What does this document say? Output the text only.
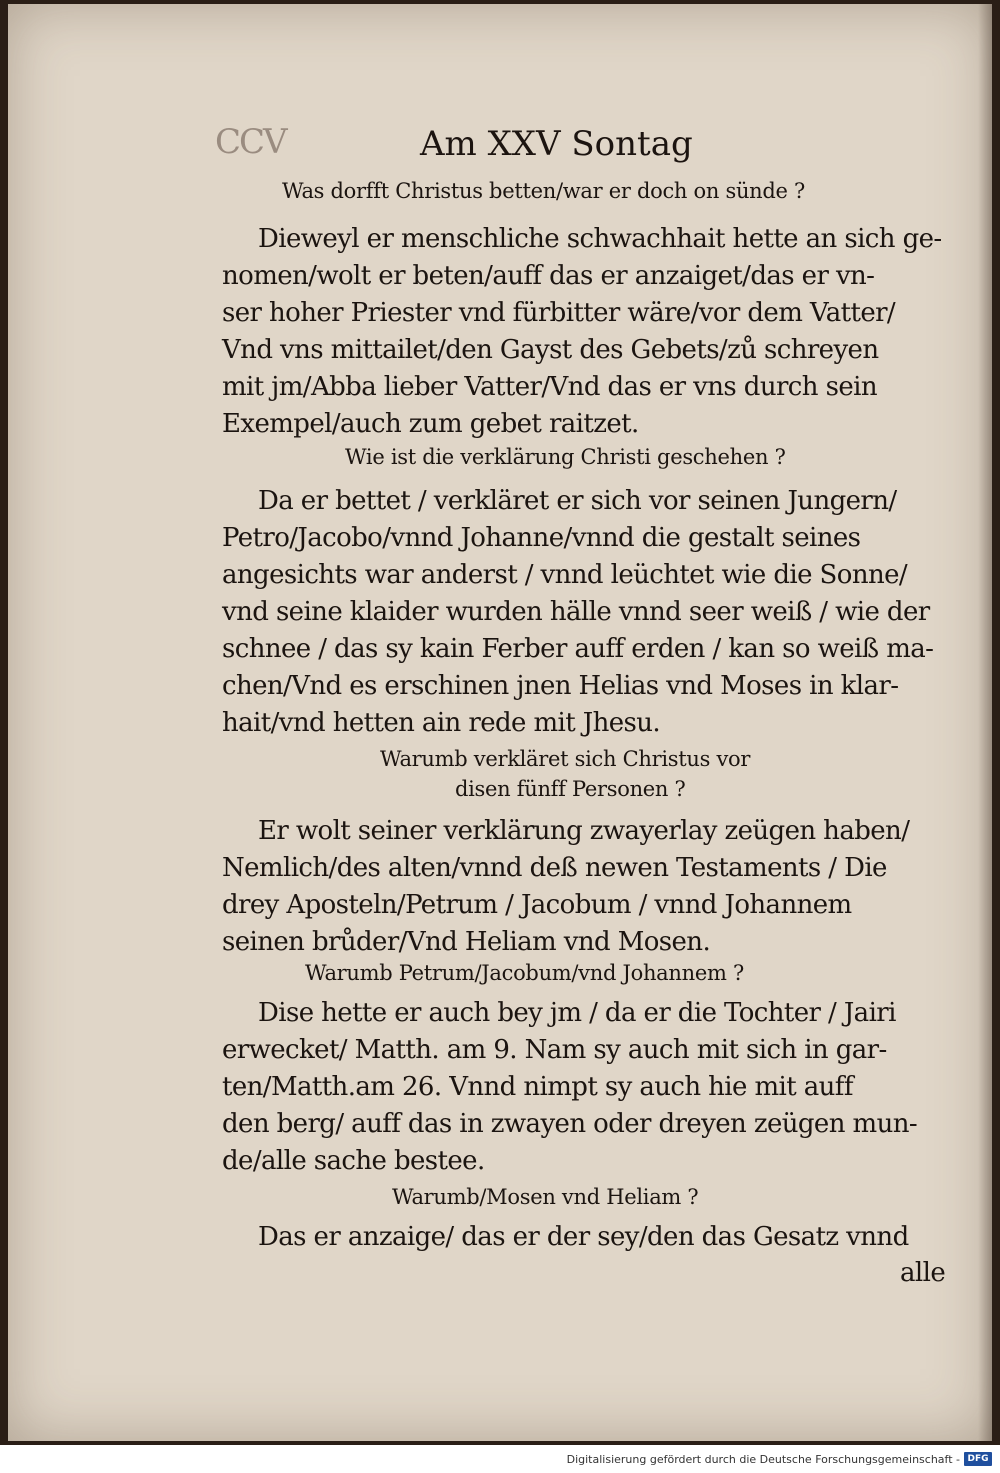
CCV	Am XXV Sontag
Was dorfft Christus betten/war er doch on sünde ?
Dieweyl er menschliche schwachhait hette an sich ge-
nomen/wolt er beten/auff das er anzaiget/das er vn-
ser hoher Priester vnd fürbitter wäre/vor dem Vatter/
Vnd vns mittailet/den Gayst des Gebets/zů schreyen
mit jm/Abba lieber Vatter/Vnd das er vns durch sein
Exempel/auch zum gebet raitzet.
Wie ist die verklärung Christi geschehen ?
Da er bettet / verkläret er sich vor seinen Jungern/
Petro/Jacobo/vnnd Johanne/vnnd die gestalt seines
angesichts war anderst / vnnd leüchtet wie die Sonne/
vnd seine klaider wurden hälle vnnd seer weiß / wie der
schnee / das sy kain Ferber auff erden / kan so weiß ma-
chen/Vnd es erschinen jnen Helias vnd Moses in klar-
hait/vnd hetten ain rede mit Jhesu.
Warumb verkläret sich Christus vor
disen fünff Personen ?
Er wolt seiner verklärung zwayerlay zeügen haben/
Nemlich/des alten/vnnd deß newen Testaments / Die
drey Aposteln/Petrum / Jacobum / vnnd Johannem
seinen brůder/Vnd Heliam vnd Mosen.
Warumb Petrum/Jacobum/vnd Johannem ?
Dise hette er auch bey jm / da er die Tochter / Jairi
erwecket/ Matth. am 9. Nam sy auch mit sich in gar-
ten/Matth.am 26. Vnnd nimpt sy auch hie mit auff
den berg/ auff das in zwayen oder dreyen zeügen mun-
de/alle sache bestee.
Warumb/Mosen vnd Heliam ?
Das er anzaige/ das er der sey/den das Gesatz vnnd
alle
Digitalisierung gefördert durch die Deutsche Forschungsgemeinschaft - DFG
